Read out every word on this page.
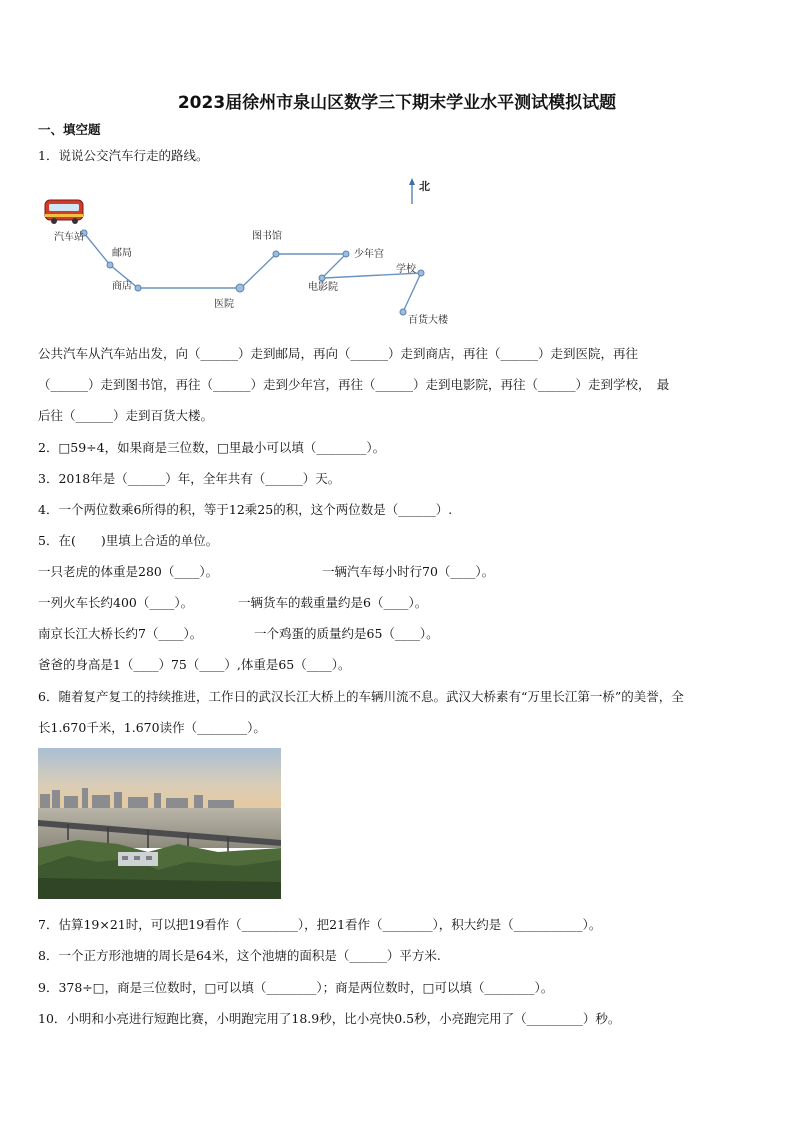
2023届徐州市泉山区数学三下期末学业水平测试模拟试题
一、填空题
1．说说公交汽车行走的路线。
北
汽车站
邮局
商店
医院
图书馆
少年宫
电影院
学校
百货大楼
公共汽车从汽车站出发，向（______）走到邮局，再向（______）走到商店，再往（______）走到医院，再往
（______）走到图书馆，再往（______）走到少年宫，再往（______）走到电影院，再往（______）走到学校，　最
后往（______）走到百货大楼。
2．□59÷4，如果商是三位数，□里最小可以填（________）。
3．2018年是（______）年，全年共有（______）天。
4．一个两位数乘6所得的积，等于12乘25的积，这个两位数是（______）.
5．在(　　)里填上合适的单位。
一只老虎的体重是280（____）。	一辆汽车每小时行70（____）。
一列火车长约400（____）。	一辆货车的载重量约是6（____）。
南京长江大桥长约7（____）。	一个鸡蛋的质量约是65（____）。
爸爸的身高是1（____）75（____）,体重是65（____）。
6．随着复产复工的持续推进，工作日的武汉长江大桥上的车辆川流不息。武汉大桥素有“万里长江第一桥”的美誉，全
长1.670千米，1.670读作（________）。
7．估算19×21时，可以把19看作（_________），把21看作（________），积大约是（___________）。
8．一个正方形池塘的周长是64米，这个池塘的面积是（______）平方米.
9．378÷□，商是三位数时，□可以填（________）；商是两位数时，□可以填（________）。
10．小明和小亮进行短跑比赛，小明跑完用了18.9秒，比小亮快0.5秒，小亮跑完用了（_________）秒。
